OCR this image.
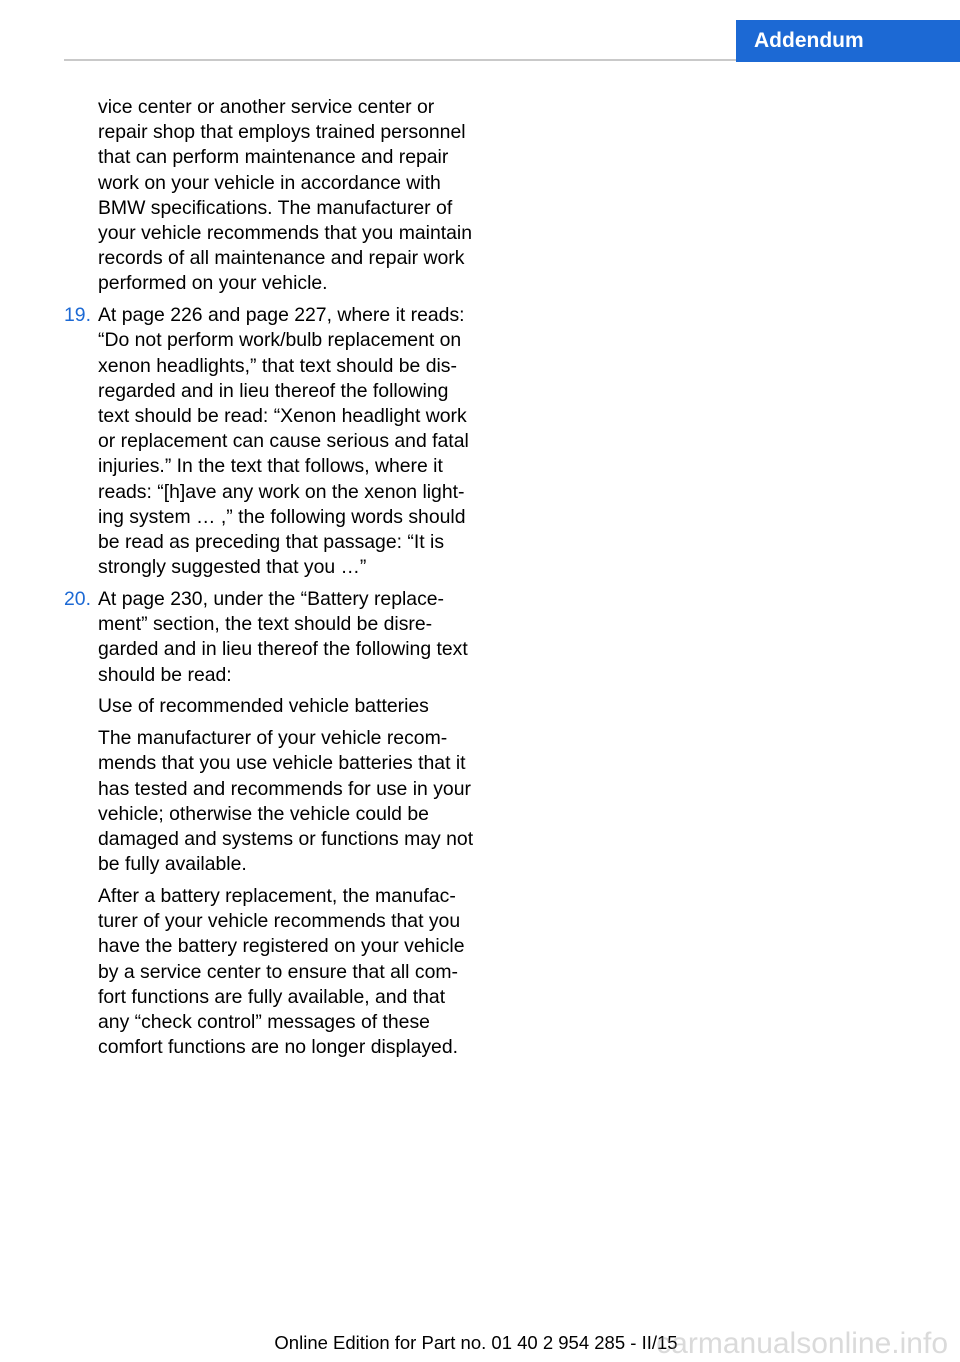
Addendum
vice center or another service center or
repair shop that employs trained personnel
that can perform maintenance and repair
work on your vehicle in accordance with
BMW specifications. The manufacturer of
your vehicle recommends that you maintain
records of all maintenance and repair work
performed on your vehicle.
19. At page 226 and page 227, where it reads:
“Do not perform work/bulb replacement on
xenon headlights,” that text should be dis‐
regarded and in lieu thereof the following
text should be read: “Xenon headlight work
or replacement can cause serious and fatal
injuries.” In the text that follows, where it
reads: “[h]ave any work on the xenon light‐
ing system … ,” the following words should
be read as preceding that passage: “It is
strongly suggested that you …”
20. At page 230, under the “Battery replace‐
ment” section, the text should be disre‐
garded and in lieu thereof the following text
should be read:
Use of recommended vehicle batteries
The manufacturer of your vehicle recom‐
mends that you use vehicle batteries that it
has tested and recommends for use in your
vehicle; otherwise the vehicle could be
damaged and systems or functions may not
be fully available.
After a battery replacement, the manufac‐
turer of your vehicle recommends that you
have the battery registered on your vehicle
by a service center to ensure that all com‐
fort functions are fully available, and that
any “check control” messages of these
comfort functions are no longer displayed.
Online Edition for Part no. 01 40 2 954 285 - II/15
carmanualsonline.info
